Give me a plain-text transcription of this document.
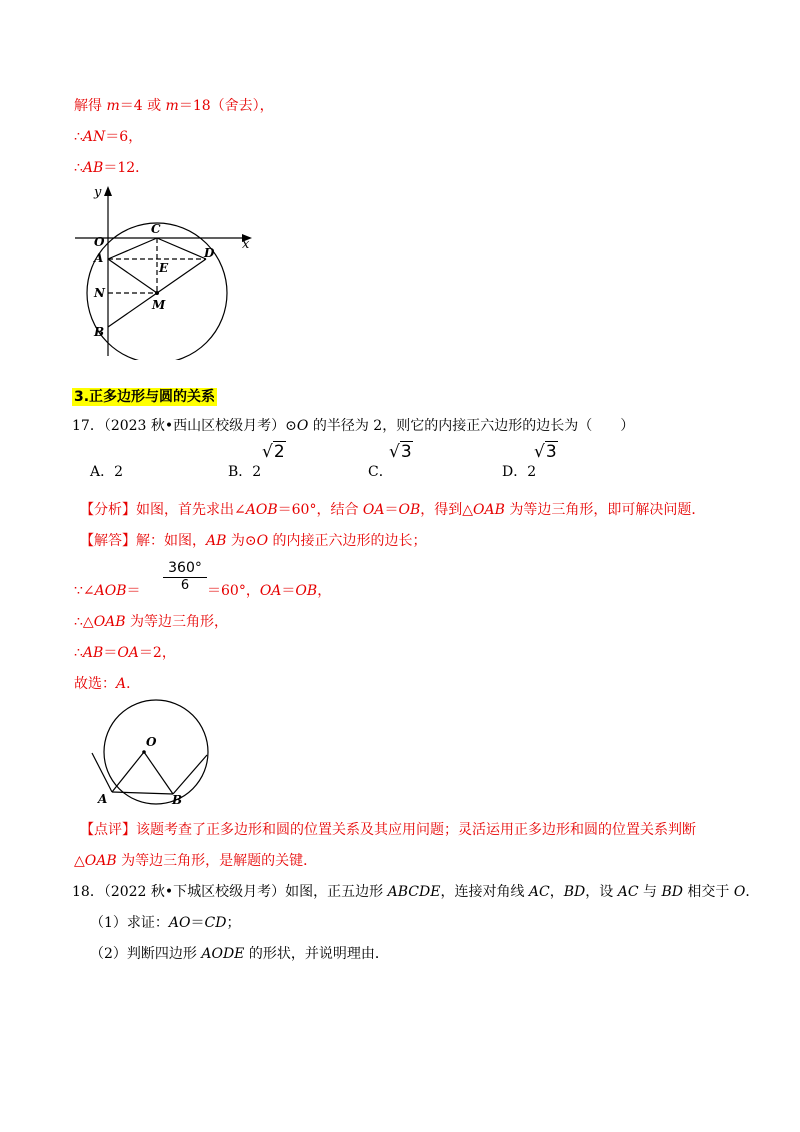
解得 m＝4 或 m＝18（舍去），
∴AN＝6，
∴AB＝12．
y
x
O
C
A	D
E
N
M
B
3.正多边形与圆的关系
17．（2023 秋•西山区校级月考）⊙O 的半径为 2，则它的内接正六边形的边长为（　　）
A．2	B．2
√2
C．
√3
D．2
√3
【分析】如图，首先求出∠AOB＝60°，结合 OA＝OB，得到△OAB 为等边三角形，即可解决问题．
【解答】解：如图，AB 为⊙O 的内接正六边形的边长；
∵∠AOB＝ $\frac{360^\circ}{6} =60^\circ$，OA＝OB，
∴△OAB 为等边三角形，
∴AB＝OA＝2，
故选：A．
O
A	B
【点评】该题考查了正多边形和圆的位置关系及其应用问题；灵活运用正多边形和圆的位置关系判断
△OAB 为等边三角形，是解题的关键．
18．（2022 秋•下城区校级月考）如图，正五边形 ABCDE，连接对角线 AC，BD，设 AC 与 BD 相交于 O．
（1）求证：AO＝CD；
（2）判断四边形 AODE 的形状，并说明理由．
